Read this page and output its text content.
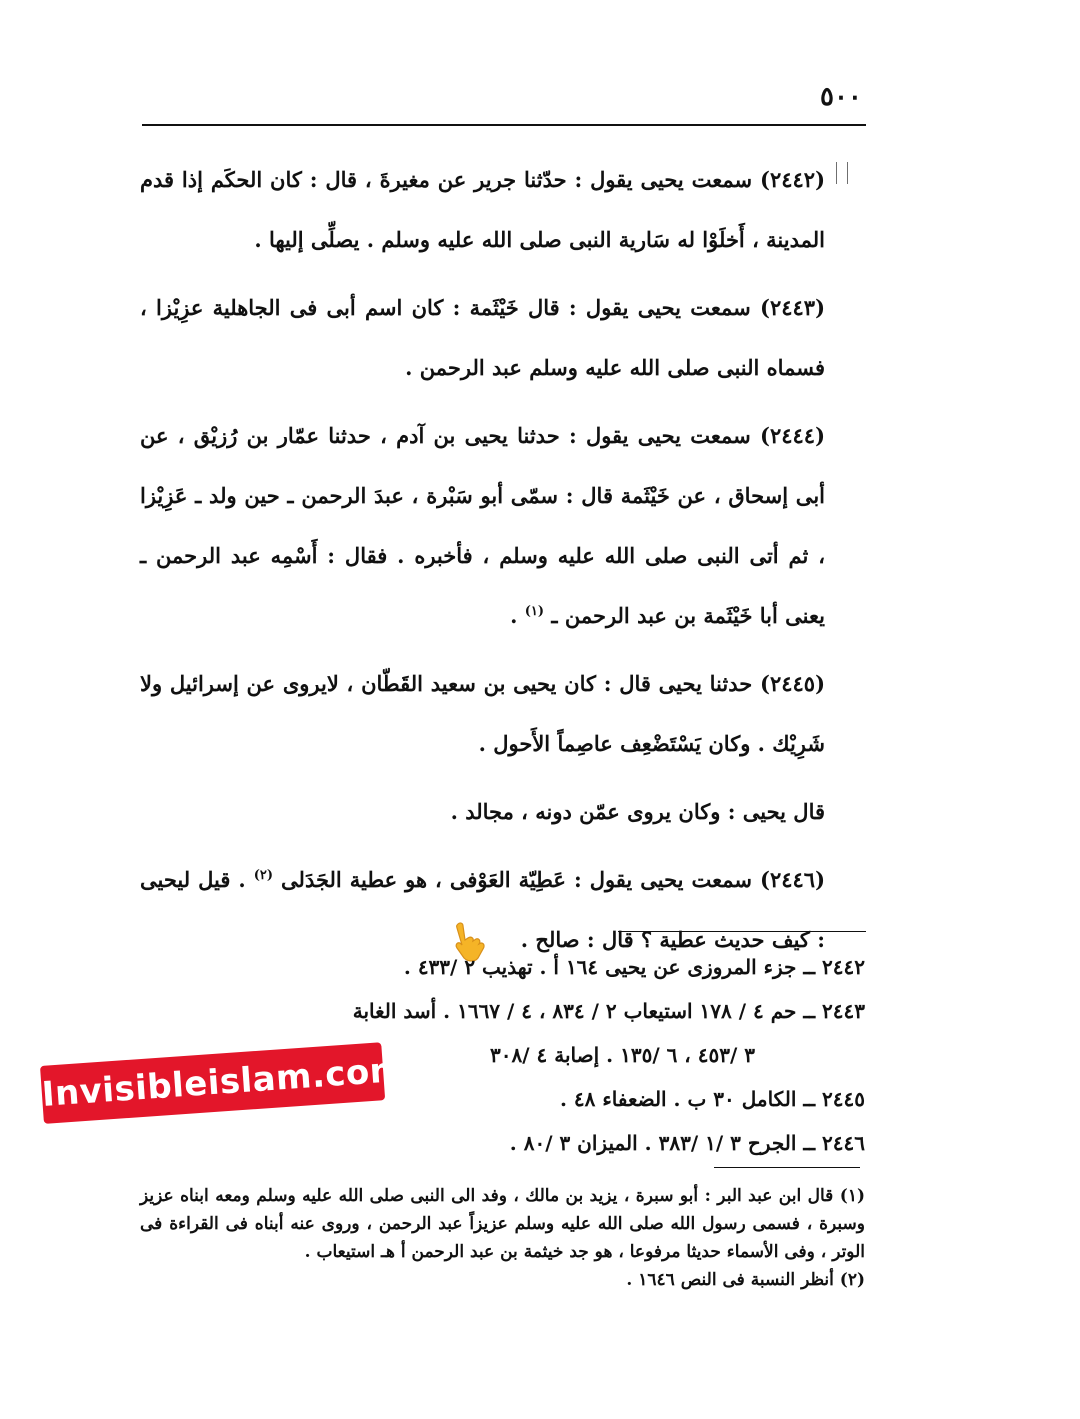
٥٠٠

(٢٤٤٢) سمعت يحيى يقول : حدّثنا جرير عن مغيرةَ ، قال : كان الحكَم إذا قدم المدينة ، أَخلَوْا له سَارية النبى صلى الله عليه وسلم . يصلِّى إليها .

(٢٤٤٣) سمعت يحيى يقول : قال خَيْثَمة : كان اسم أبى فى الجاهلية عزِيْزا ، فسماه النبى صلى الله عليه وسلم عبد الرحمن .

(٢٤٤٤) سمعت يحيى يقول : حدثنا يحيى بن آدم ، حدثنا عمّار بن رُزيْق ، عن أبى إسحاق ، عن خَيْثَمة قال : سمّى أبو سَبْرة ، عبدَ الرحمن ـ حين ولد ـ عَزِيْزا ، ثم أتى النبى صلى الله عليه وسلم ، فأخبره . فقال : أَسْمِه عبد الرحمن ـ يعنى أبا خَيْثَمة بن عبد الرحمن ـ $^{(١)}$ .

(٢٤٤٥) حدثنا يحيى قال : كان يحيى بن سعيد القَطّان ، لايروى عن إسرائيل ولا شَرِيْك . وكان يَسْتَضْعِف عاصِماً الأَحول .

قال يحيى : وكان يروى عمّن دونه ، مجالد .

(٢٤٤٦) سمعت يحيى يقول : عَطِيّة العَوْفى ، هو عطية الجَدَلى $^{(٢)}$ . قيل ليحيى : كيف حديث عطية ؟ قال : صالح .

٢٤٤٢ ــ جزء المروزى عن يحيى ١٦٤ أ . تهذيب ٢ /٤٣٣ .
٢٤٤٣ ــ حم ٤ / ١٧٨ استيعاب ٢ / ٨٣٤ ، ٤ / ١٦٦٧ . أسد الغابة
٣ /٤٥٣ ، ٦ /١٣٥ . إصابة ٤ /٣٠٨
٢٤٤٥ ــ الكامل ٣٠ ب . الضعفاء ٤٨ .
٢٤٤٦ ــ الجرح ٣ /١ /٣٨٣ . الميزان ٣ /٨٠ .

(١) قال ابن عبد البر : أبو سبرة ، يزيد بن مالك ، وفد الى النبى صلى الله عليه وسلم ومعه ابناه عزيز وسبرة ، فسمى رسول الله صلى الله عليه وسلم عزيزاً عبد الرحمن ، وروى عنه أبناه فى القراءة فى الوتر ، وفى الأسماء حديثا مرفوعا ، هو جد خيثمة بن عبد الرحمن أ هـ استيعاب .

(٢) أنظر النسبة فى النص ١٦٤٦ .

Invisibleislam.com
